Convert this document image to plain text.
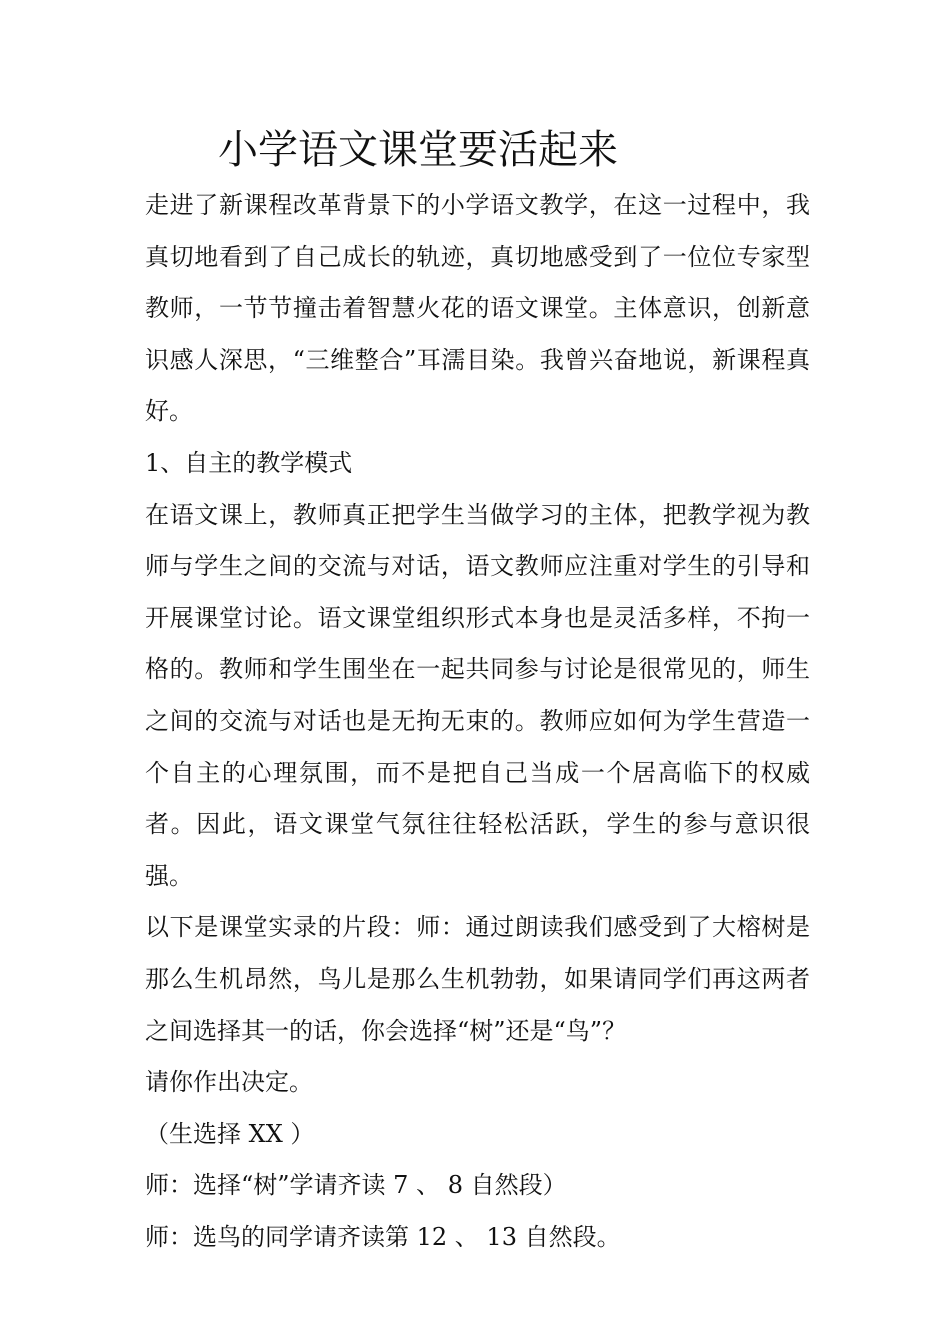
小学语文课堂要活起来

走进了新课程改革背景下的小学语文教学，在这一过程中，我真切地看到了自己成长的轨迹，真切地感受到了一位位专家型教师，一节节撞击着智慧火花的语文课堂。主体意识，创新意识感人深思，“三维整合”耳濡目染。我曾兴奋地说，新课程真好。

1、自主的教学模式

在语文课上，教师真正把学生当做学习的主体，把教学视为教师与学生之间的交流与对话，语文教师应注重对学生的引导和开展课堂讨论。语文课堂组织形式本身也是灵活多样，不拘一格的。教师和学生围坐在一起共同参与讨论是很常见的，师生之间的交流与对话也是无拘无束的。教师应如何为学生营造一个自主的心理氛围，而不是把自己当成一个居高临下的权威者。因此，语文课堂气氛往往轻松活跃，学生的参与意识很强。

以下是课堂实录的片段：师：通过朗读我们感受到了大榕树是那么生机昂然，鸟儿是那么生机勃勃，如果请同学们再这两者之间选择其一的话，你会选择“树”还是“鸟”？

请你作出决定。

（生选择 XX ）

师：选择“树”学请齐读 7 、 8 自然段）

师：选鸟的同学请齐读第 12 、 13 自然段。
